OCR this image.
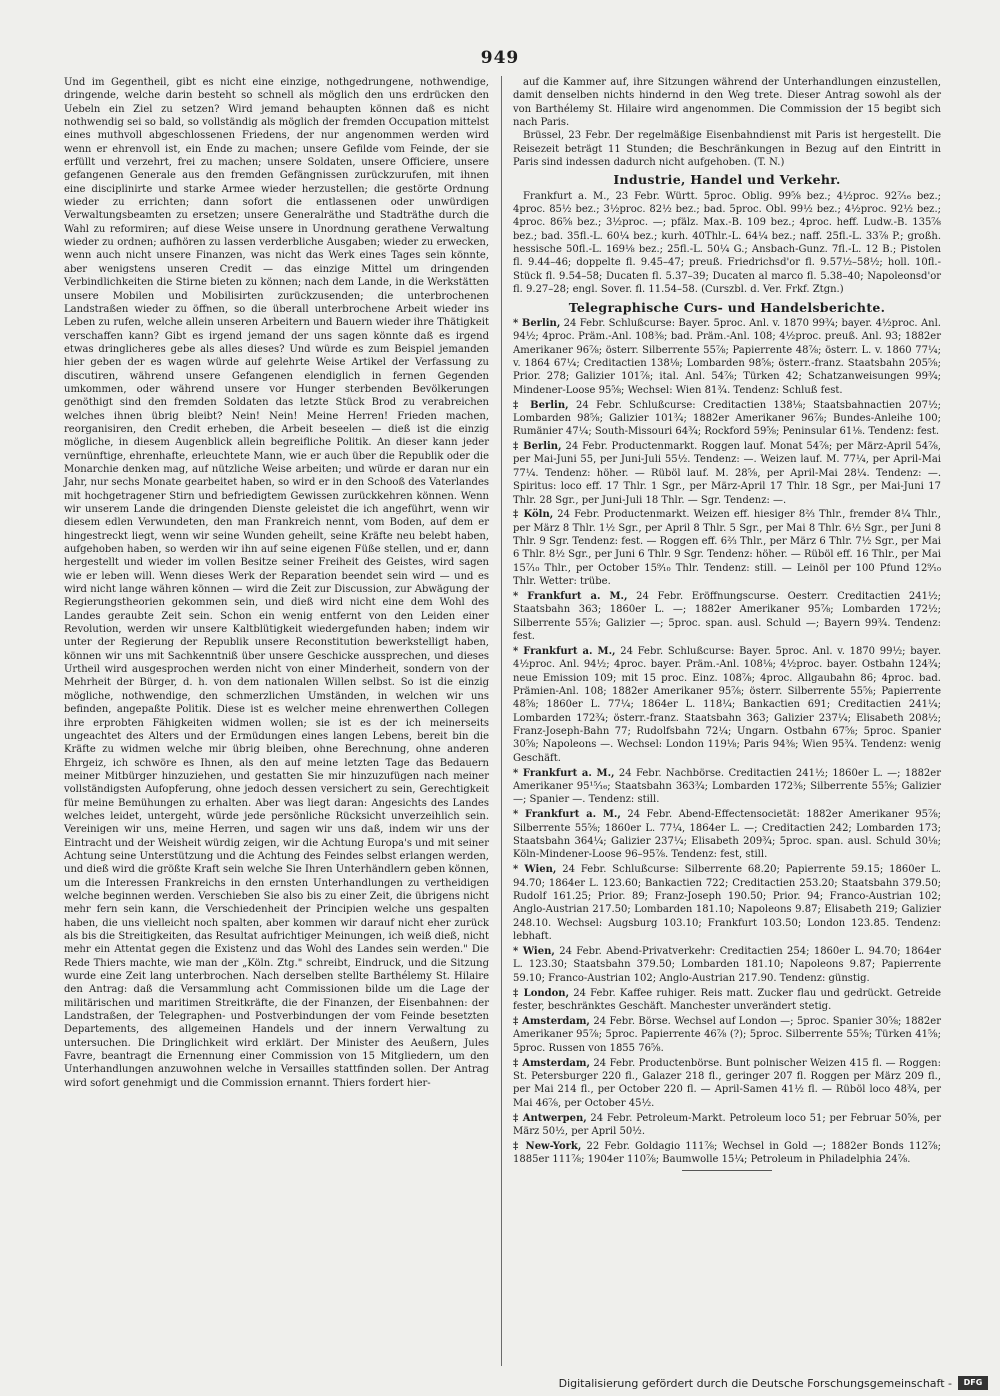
949

Und im Gegentheil, gibt es nicht eine einzige, nothgedrungene, nothwendige, dringende, welche darin besteht so schnell als möglich den uns erdrücken den Uebeln ein Ziel zu setzen? Wird jemand behaupten können daß es nicht nothwendig sei so bald, so vollständig als möglich der fremden Occupation mittelst eines muthvoll abgeschlossenen Friedens, der nur angenommen werden wird wenn er ehrenvoll ist, ein Ende zu machen; unsere Gefilde vom Feinde, der sie erfüllt und verzehrt, frei zu machen; unsere Soldaten, unsere Officiere, unsere gefangenen Generale aus den fremden Gefängnissen zurückzurufen, mit ihnen eine disciplinirte und starke Armee wieder herzustellen; die gestörte Ordnung wieder zu errichten; dann sofort die entlassenen oder unwürdigen Verwaltungsbeamten zu ersetzen; unsere Generalräthe und Stadträthe durch die Wahl zu reformiren; auf diese Weise unsere in Unordnung gerathene Verwaltung wieder zu ordnen; aufhören zu lassen verderbliche Ausgaben; wieder zu erwecken, wenn auch nicht unsere Finanzen, was nicht das Werk eines Tages sein könnte, aber wenigstens unseren Credit — das einzige Mittel um dringenden Verbindlichkeiten die Stirne bieten zu können; nach dem Lande, in die Werkstätten unsere Mobilen und Mobilisirten zurückzusenden; die unterbrochenen Landstraßen wieder zu öffnen, so die überall unterbrochene Arbeit wieder ins Leben zu rufen, welche allein unseren Arbeitern und Bauern wieder ihre Thätigkeit verschaffen kann? Gibt es irgend jemand der uns sagen könnte daß es irgend etwas dringlicheres gebe als alles dieses? Und würde es zum Beispiel jemanden hier geben der es wagen würde auf gelehrte Weise Artikel der Verfassung zu discutiren, während unsere Gefangenen elendiglich in fernen Gegenden umkommen, oder während unsere vor Hunger sterbenden Bevölkerungen genöthigt sind den fremden Soldaten das letzte Stück Brod zu verabreichen welches ihnen übrig bleibt? Nein! Nein! Meine Herren! Frieden machen, reorganisiren, den Credit erheben, die Arbeit beseelen — dieß ist die einzig mögliche, in diesem Augenblick allein begreifliche Politik. An dieser kann jeder vernünftige, ehrenhafte, erleuchtete Mann, wie er auch über die Republik oder die Monarchie denken mag, auf nützliche Weise arbeiten; und würde er daran nur ein Jahr, nur sechs Monate gearbeitet haben, so wird er in den Schooß des Vaterlandes mit hochgetragener Stirn und befriedigtem Gewissen zurückkehren können. Wenn wir unserem Lande die dringenden Dienste geleistet die ich angeführt, wenn wir diesem edlen Verwundeten, den man Frankreich nennt, vom Boden, auf dem er hingestreckt liegt, wenn wir seine Wunden geheilt, seine Kräfte neu belebt haben, aufgehoben haben, so werden wir ihn auf seine eigenen Füße stellen, und er, dann hergestellt und wieder im vollen Besitze seiner Freiheit des Geistes, wird sagen wie er leben will. Wenn dieses Werk der Reparation beendet sein wird — und es wird nicht lange währen können — wird die Zeit zur Discussion, zur Abwägung der Regierungstheorien gekommen sein, und dieß wird nicht eine dem Wohl des Landes geraubte Zeit sein. Schon ein wenig entfernt von den Leiden einer Revolution, werden wir unsere Kaltblütigkeit wiedergefunden haben; indem wir unter der Regierung der Republik unsere Reconstitution bewerkstelligt haben, können wir uns mit Sachkenntniß über unsere Geschicke aussprechen, und dieses Urtheil wird ausgesprochen werden nicht von einer Minderheit, sondern von der Mehrheit der Bürger, d. h. von dem nationalen Willen selbst. So ist die einzig mögliche, nothwendige, den schmerzlichen Umständen, in welchen wir uns befinden, angepaßte Politik. Diese ist es welcher meine ehrenwerthen Collegen ihre erprobten Fähigkeiten widmen wollen; sie ist es der ich meinerseits ungeachtet des Alters und der Ermüdungen eines langen Lebens, bereit bin die Kräfte zu widmen welche mir übrig bleiben, ohne Berechnung, ohne anderen Ehrgeiz, ich schwöre es Ihnen, als den auf meine letzten Tage das Bedauern meiner Mitbürger hinzuziehen, und gestatten Sie mir hinzuzufügen nach meiner vollständigsten Aufopferung, ohne jedoch dessen versichert zu sein, Gerechtigkeit für meine Bemühungen zu erhalten. Aber was liegt daran: Angesichts des Landes welches leidet, untergeht, würde jede persönliche Rücksicht unverzeihlich sein. Vereinigen wir uns, meine Herren, und sagen wir uns daß, indem wir uns der Eintracht und der Weisheit würdig zeigen, wir die Achtung Europa's und mit seiner Achtung seine Unterstützung und die Achtung des Feindes selbst erlangen werden, und dieß wird die größte Kraft sein welche Sie Ihren Unterhändlern geben können, um die Interessen Frankreichs in den ernsten Unterhandlungen zu vertheidigen welche beginnen werden. Verschieben Sie also bis zu einer Zeit, die übrigens nicht mehr fern sein kann, die Verschiedenheit der Principien welche uns gespalten haben, die uns vielleicht noch spalten, aber kommen wir darauf nicht eher zurück als bis die Streitigkeiten, das Resultat aufrichtiger Meinungen, ich weiß dieß, nicht mehr ein Attentat gegen die Existenz und das Wohl des Landes sein werden." Die Rede Thiers machte, wie man der „Köln. Ztg." schreibt, Eindruck, und die Sitzung wurde eine Zeit lang unterbrochen. Nach derselben stellte Barthélemy St. Hilaire den Antrag: daß die Versammlung acht Commissionen bilde um die Lage der militärischen und maritimen Streitkräfte, die der Finanzen, der Eisenbahnen: der Landstraßen, der Telegraphen- und Postverbindungen der vom Feinde besetzten Departements, des allgemeinen Handels und der innern Verwaltung zu untersuchen. Die Dringlichkeit wird erklärt. Der Minister des Aeußern, Jules Favre, beantragt die Ernennung einer Commission von 15 Mitgliedern, um den Unterhandlungen anzuwohnen welche in Versailles stattfinden sollen. Der Antrag wird sofort genehmigt und die Commission ernannt. Thiers fordert hier-

auf die Kammer auf, ihre Sitzungen während der Unterhandlungen einzustellen, damit denselben nichts hindernd in den Weg trete. Dieser Antrag sowohl als der von Barthélemy St. Hilaire wird angenommen. Die Commission der 15 begibt sich nach Paris.

Brüssel, 23 Febr. Der regelmäßige Eisenbahndienst mit Paris ist hergestellt. Die Reisezeit beträgt 11 Stunden; die Beschränkungen in Bezug auf den Eintritt in Paris sind indessen dadurch nicht aufgehoben. (T. N.)

Industrie, Handel und Verkehr.

Frankfurt a. M., 23 Febr. Württ. 5proc. Oblig. 99⅝ bez.; 4½proc. 92⁷⁄₁₆ bez.; 4proc. 85½ bez.; 3½proc. 82½ bez.; bad. 5proc. Obl. 99½ bez.; 4½proc. 92½ bez.; 4proc. 86⅝ bez.; 3½proc. —; pfälz. Max.-B. 109 bez.; 4proc. heff. Ludw.-B. 135⅞ bez.; bad. 35fl.-L. 60¼ bez.; kurh. 40Thlr.-L. 64¼ bez.; naff. 25fl.-L. 33⅞ P.; großh. hessische 50fl.-L. 169⅛ bez.; 25fl.-L. 50¼ G.; Ansbach-Gunz. 7fl.-L. 12 B.; Pistolen fl. 9.44–46; doppelte fl. 9.45–47; preuß. Friedrichsd'or fl. 9.57½–58½; holl. 10fl.-Stück fl. 9.54–58; Ducaten fl. 5.37–39; Ducaten al marco fl. 5.38–40; Napoleonsd'or fl. 9.27–28; engl. Sover. fl. 11.54–58. (Curszbl. d. Ver. Frkf. Ztgn.)

Telegraphische Curs- und Handelsberichte.
* Berlin, 24 Febr. Schlußcurse: Bayer. 5proc. Anl. v. 1870 99¾; bayer. 4½proc. Anl. 94½; 4proc. Präm.-Anl. 108⅜; bad. Präm.-Anl. 108; 4½proc. preuß. Anl. 93; 1882er Amerikaner 96⅞; österr. Silberrente 55⅞; Papierrente 48⅞; österr. L. v. 1860 77¼; v. 1864 67¼; Creditactien 138⅛; Lombarden 98⅝; österr.-franz. Staatsbahn 205⅝; Prior. 278; Galizier 101⅞; ital. Anl. 54⅞; Türken 42; Schatzanweisungen 99¾; Mindener-Loose 95⅝; Wechsel: Wien 81¾. Tendenz: Schluß fest.
‡ Berlin, 24 Febr. Schlußcurse: Creditactien 138⅛; Staatsbahnactien 207½; Lombarden 98⅝; Galizier 101¾; 1882er Amerikaner 96⅞; Bundes-Anleihe 100; Rumänier 47¼; South-Missouri 64¾; Rockford 59⅝; Peninsular 61⅛. Tendenz: fest.
‡ Berlin, 24 Febr. Productenmarkt. Roggen lauf. Monat 54⅞; per März-April 54⅞, per Mai-Juni 55, per Juni-Juli 55½. Tendenz: —. Weizen lauf. M. 77¼, per April-Mai 77¼. Tendenz: höher. — Rüböl lauf. M. 28⅝, per April-Mai 28¼. Tendenz: —. Spiritus: loco eff. 17 Thlr. 1 Sgr., per März-April 17 Thlr. 18 Sgr., per Mai-Juni 17 Thlr. 28 Sgr., per Juni-Juli 18 Thlr. — Sgr. Tendenz: —.
‡ Köln, 24 Febr. Productenmarkt. Weizen eff. hiesiger 8⅔ Thlr., fremder 8¼ Thlr., per März 8 Thlr. 1½ Sgr., per April 8 Thlr. 5 Sgr., per Mai 8 Thlr. 6½ Sgr., per Juni 8 Thlr. 9 Sgr. Tendenz: fest. — Roggen eff. 6⅔ Thlr., per März 6 Thlr. 7½ Sgr., per Mai 6 Thlr. 8½ Sgr., per Juni 6 Thlr. 9 Sgr. Tendenz: höher. — Rüböl eff. 16 Thlr., per Mai 15⁷⁄₁₀ Thlr., per October 15⁹⁄₁₀ Thlr. Tendenz: still. — Leinöl per 100 Pfund 12⁹⁄₁₀ Thlr. Wetter: trübe.
* Frankfurt a. M., 24 Febr. Eröffnungscurse. Oesterr. Creditactien 241½; Staatsbahn 363; 1860er L. —; 1882er Amerikaner 95⅞; Lombarden 172½; Silberrente 55⅞; Galizier —; 5proc. span. ausl. Schuld —; Bayern 99¾. Tendenz: fest.
* Frankfurt a. M., 24 Febr. Schlußcurse: Bayer. 5proc. Anl. v. 1870 99½; bayer. 4½proc. Anl. 94½; 4proc. bayer. Präm.-Anl. 108⅛; 4½proc. bayer. Ostbahn 124¾; neue Emission 109; mit 15 proc. Einz. 108⅞; 4proc. Allgaubahn 86; 4proc. bad. Prämien-Anl. 108; 1882er Amerikaner 95⅞; österr. Silberrente 55⅝; Papierrente 48⅝; 1860er L. 77¼; 1864er L. 118¼; Bankactien 691; Creditactien 241¼; Lombarden 172¾; österr.-franz. Staatsbahn 363; Galizier 237¼; Elisabeth 208½; Franz-Joseph-Bahn 77; Rudolfsbahn 72¼; Ungarn. Ostbahn 67⅝; 5proc. Spanier 30⅝; Napoleons —. Wechsel: London 119⅛; Paris 94⅜; Wien 95¾. Tendenz: wenig Geschäft.
* Frankfurt a. M., 24 Febr. Nachbörse. Creditactien 241½; 1860er L. —; 1882er Amerikaner 95¹⁵⁄₁₆; Staatsbahn 363¾; Lombarden 172⅜; Silberrente 55⅝; Galizier —; Spanier —. Tendenz: still.
* Frankfurt a. M., 24 Febr. Abend-Effectensocietät: 1882er Amerikaner 95⅞; Silberrente 55⅝; 1860er L. 77¼, 1864er L. —; Creditactien 242; Lombarden 173; Staatsbahn 364¼; Galizier 237¼; Elisabeth 209¾; 5proc. span. ausl. Schuld 30⅛; Köln-Mindener-Loose 96–95⅞. Tendenz: fest, still.
* Wien, 24 Febr. Schlußcurse: Silberrente 68.20; Papierrente 59.15; 1860er L. 94.70; 1864er L. 123.60; Bankactien 722; Creditactien 253.20; Staatsbahn 379.50; Rudolf 161.25; Prior. 89; Franz-Joseph 190.50; Prior. 94; Franco-Austrian 102; Anglo-Austrian 217.50; Lombarden 181.10; Napoleons 9.87; Elisabeth 219; Galizier 248.10. Wechsel: Augsburg 103.10; Frankfurt 103.50; London 123.85. Tendenz: lebhaft.
* Wien, 24 Febr. Abend-Privatverkehr: Creditactien 254; 1860er L. 94.70; 1864er L. 123.30; Staatsbahn 379.50; Lombarden 181.10; Napoleons 9.87; Papierrente 59.10; Franco-Austrian 102; Anglo-Austrian 217.90. Tendenz: günstig.
‡ London, 24 Febr. Kaffee ruhiger. Reis matt. Zucker flau und gedrückt. Getreide fester, beschränktes Geschäft. Manchester unverändert stetig.
‡ Amsterdam, 24 Febr. Börse. Wechsel auf London —; 5proc. Spanier 30⅝; 1882er Amerikaner 95⅞; 5proc. Papierrente 46⅞ (?); 5proc. Silberrente 55⅝; Türken 41⅝; 5proc. Russen von 1855 76⅝.
‡ Amsterdam, 24 Febr. Productenbörse. Bunt polnischer Weizen 415 fl. — Roggen: St. Petersburger 220 fl., Galazer 218 fl., geringer 207 fl. Roggen per März 209 fl., per Mai 214 fl., per October 220 fl. — April-Samen 41½ fl. — Rüböl loco 48¾, per Mai 46⅞, per October 45½.
‡ Antwerpen, 24 Febr. Petroleum-Markt. Petroleum loco 51; per Februar 50⅝, per März 50½, per April 50½.
‡ New-York, 22 Febr. Goldagio 111⅞; Wechsel in Gold —; 1882er Bonds 112⅞; 1885er 111⅞; 1904er 110⅞; Baumwolle 15¼; Petroleum in Philadelphia 24⅞.
Digitalisierung gefördert durch die Deutsche Forschungsgemeinschaft -	DFG
